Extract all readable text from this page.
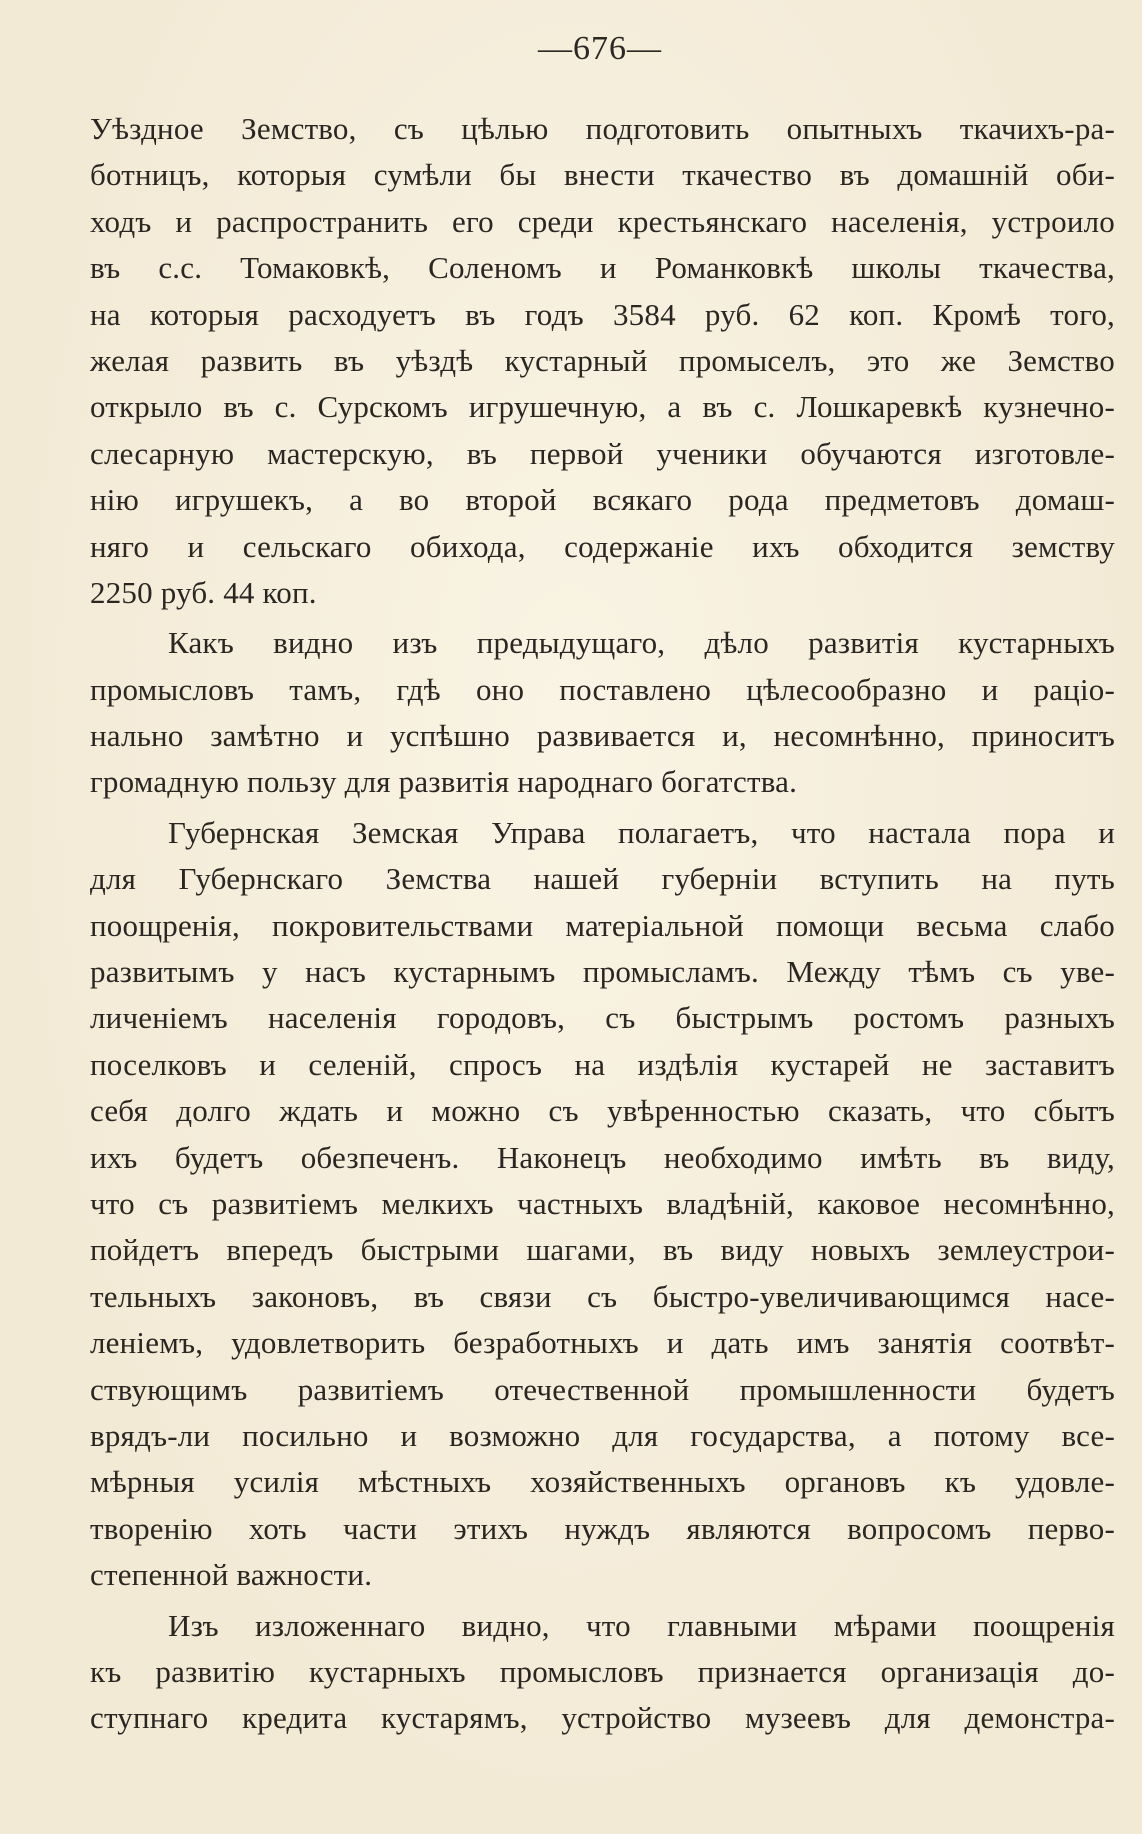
—676—
Уѣздное Земство, съ цѣлью подготовить опытныхъ ткачихъ-ра-
ботницъ, которыя сумѣли бы внести ткачество въ домашній оби-
ходъ и распространить его среди крестьянскаго населенія, устроило
въ с.с. Томаковкѣ, Соленомъ и Романковкѣ школы ткачества,
на которыя расходуетъ въ годъ 3584 руб. 62 коп. Кромѣ того,
желая развить въ уѣздѣ кустарный промыселъ, это же Земство
открыло въ с. Сурскомъ игрушечную, а въ с. Лошкаревкѣ кузнечно-
слесарную мастерскую, въ первой ученики обучаются изготовле-
нію игрушекъ, а во второй всякаго рода предметовъ домаш-
няго и сельскаго обихода, содержаніе ихъ обходится земству
2250 руб. 44 коп.
Какъ видно изъ предыдущаго, дѣло развитія кустарныхъ
промысловъ тамъ, гдѣ оно поставлено цѣлесообразно и раціо-
нально замѣтно и успѣшно развивается и, несомнѣнно, приноситъ
громадную пользу для развитія народнаго богатства.
Губернская Земская Управа полагаетъ, что настала пора и
для Губернскаго Земства нашей губерніи вступить на путь
поощренія, покровительствами матеріальной помощи весьма слабо
развитымъ у насъ кустарнымъ промысламъ. Между тѣмъ съ уве-
личеніемъ населенія городовъ, съ быстрымъ ростомъ разныхъ
поселковъ и селеній, спросъ на издѣлія кустарей не заставитъ
себя долго ждать и можно съ увѣренностью сказать, что сбытъ
ихъ будетъ обезпеченъ. Наконецъ необходимо имѣть въ виду,
что съ развитіемъ мелкихъ частныхъ владѣній, каковое несомнѣнно,
пойдетъ впередъ быстрыми шагами, въ виду новыхъ землеустрои-
тельныхъ законовъ, въ связи съ быстро-увеличивающимся насе-
леніемъ, удовлетворить безработныхъ и дать имъ занятія соотвѣт-
ствующимъ развитіемъ отечественной промышленности будетъ
врядъ-ли посильно и возможно для государства, а потому все-
мѣрныя усилія мѣстныхъ хозяйственныхъ органовъ къ удовле-
творенію хоть части этихъ нуждъ являются вопросомъ перво-
степенной важности.
Изъ изложеннаго видно, что главными мѣрами поощренія
къ развитію кустарныхъ промысловъ признается организація до-
ступнаго кредита кустарямъ, устройство музеевъ для демонстра-
